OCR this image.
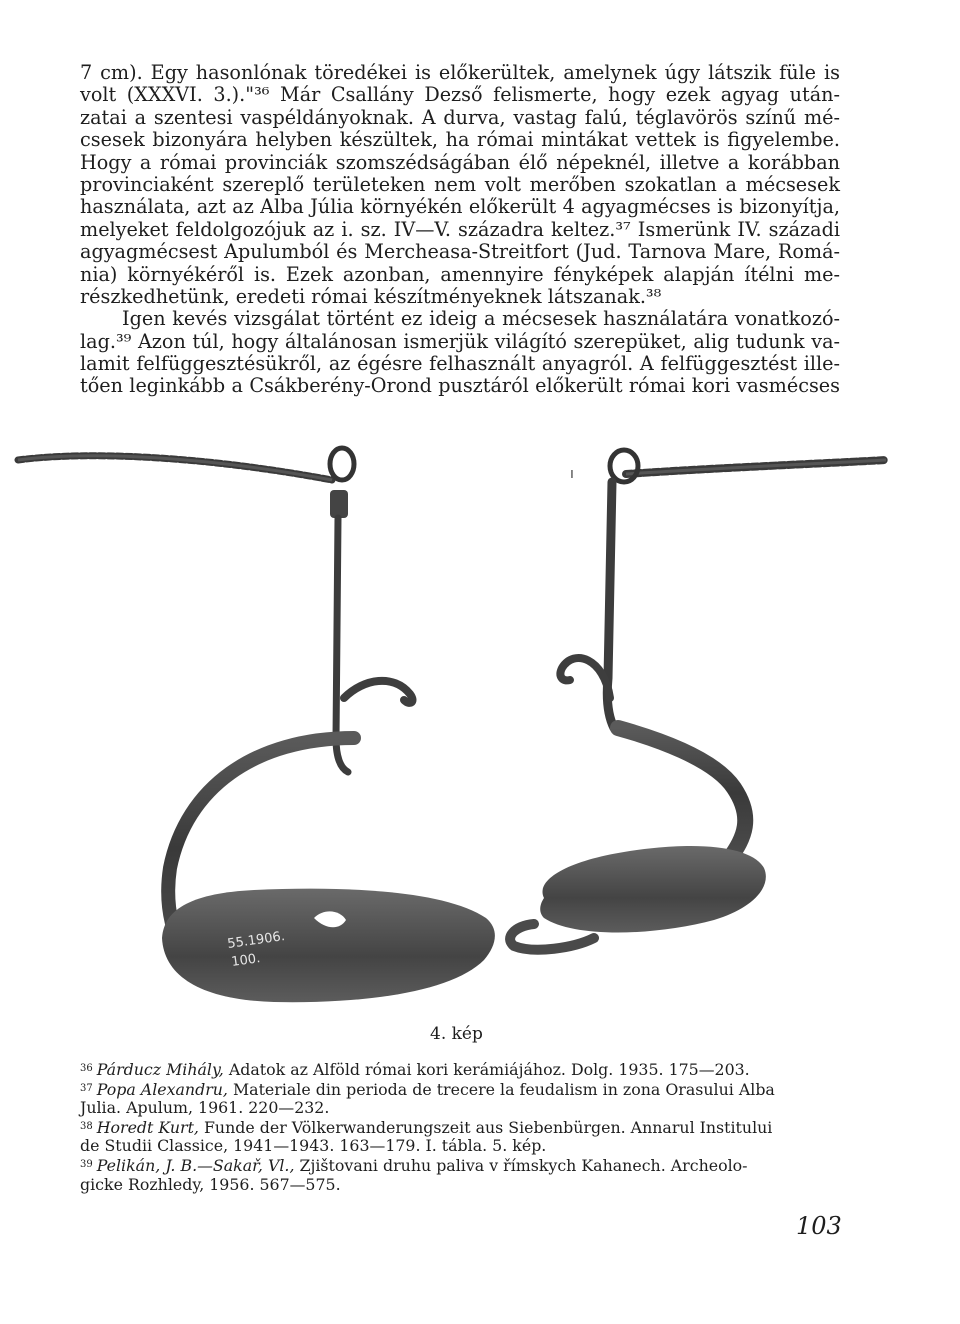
7 cm). Egy hasonlónak töredékei is előkerültek, amelynek úgy látszik füle is

volt (XXXVI. 3.)."³⁶ Már Csallány Dezső felismerte, hogy ezek agyag után-

zatai a szentesi vaspéldányoknak. A durva, vastag falú, téglavörös színű mé-

csesek bizonyára helyben készültek, ha római mintákat vettek is figyelembe.

Hogy a római provinciák szomszédságában élő népeknél, illetve a korábban

provinciaként szereplő területeken nem volt merőben szokatlan a mécsesek

használata, azt az Alba Júlia környékén előkerült 4 agyagmécses is bizonyítja,

melyeket feldolgozójuk az i. sz. IV—V. századra keltez.³⁷ Ismerünk IV. századi

agyagmécsest Apulumból és Mercheasa-Streitfort (Jud. Tarnova Mare, Romá-

nia) környékéről is. Ezek azonban, amennyire fényképek alapján ítélni me-

részkedhetünk, eredeti római készítményeknek látszanak.³⁸

Igen kevés vizsgálat történt ez ideig a mécsesek használatára vonatkozó-

lag.³⁹ Azon túl, hogy általánosan ismerjük világító szerepüket, alig tudunk va-

lamit felfüggesztésükről, az égésre felhasznált anyagról. A felfüggesztést ille-

tően leginkább a Csákberény-Orond pusztáról előkerült római kori vasmécses

55.1906.
100.
ı
4. kép

$^{36}$ Párducz Mihály, Adatok az Alföld római kori kerámiájához. Dolg. 1935. 175—203.

$^{37}$ Popa Alexandru, Materiale din perioda de trecere la feudalism in zona Orasului Alba

Julia. Apulum, 1961. 220—232.

$^{38}$ Horedt Kurt, Funde der Völkerwanderungszeit aus Siebenbürgen. Annarul Institului

de Studii Classice, 1941—1943. 163—179. I. tábla. 5. kép.

$^{39}$ Pelikán, J. B.—Sakař, Vl., Zjištovani druhu paliva v římskych Kahanech. Archeolo-

gicke Rozhledy, 1956. 567—575.

103
